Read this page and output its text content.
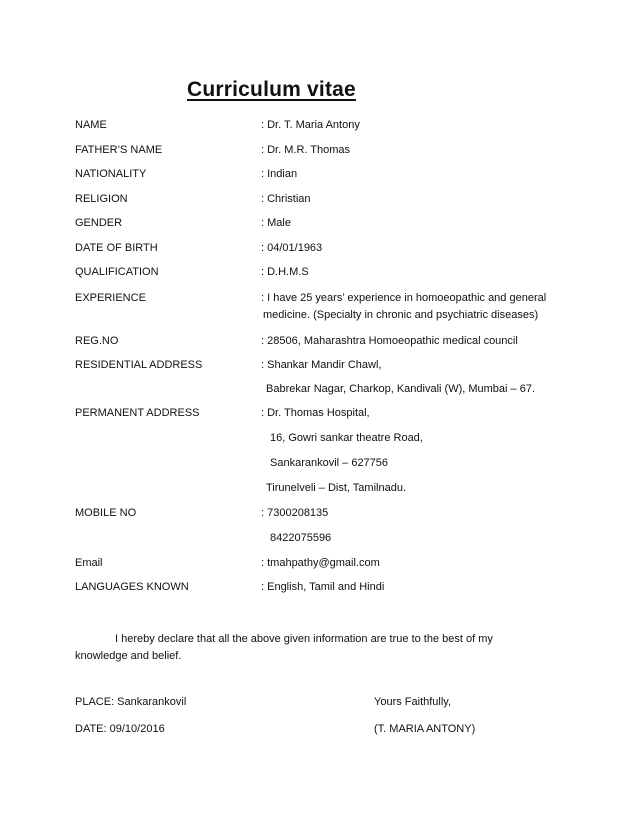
Curriculum vitae
NAME	: Dr. T. Maria Antony
FATHER’S NAME	: Dr. M.R. Thomas
NATIONALITY	: Indian
RELIGION	: Christian
GENDER	: Male
DATE OF BIRTH	: 04/01/1963
QUALIFICATION	: D.H.M.S
EXPERIENCE	: I have 25 years’ experience in homoeopathic and general
medicine. (Specialty in chronic and psychiatric diseases)
REG.NO	: 28506, Maharashtra Homoeopathic medical council
RESIDENTIAL ADDRESS	: Shankar Mandir Chawl,
Babrekar Nagar, Charkop, Kandivali (W), Mumbai – 67.
PERMANENT ADDRESS	: Dr. Thomas Hospital,
16, Gowri sankar theatre Road,
Sankarankovil – 627756
Tirunelveli – Dist, Tamilnadu.
MOBILE NO	: 7300208135
8422075596
Email	: tmahpathy@gmail.com
LANGUAGES KNOWN	: English, Tamil and Hindi
I hereby declare that all the above given information are true to the best of my knowledge and belief.
PLACE: Sankarankovil
DATE: 09/10/2016
Yours Faithfully,
(T. MARIA ANTONY)
